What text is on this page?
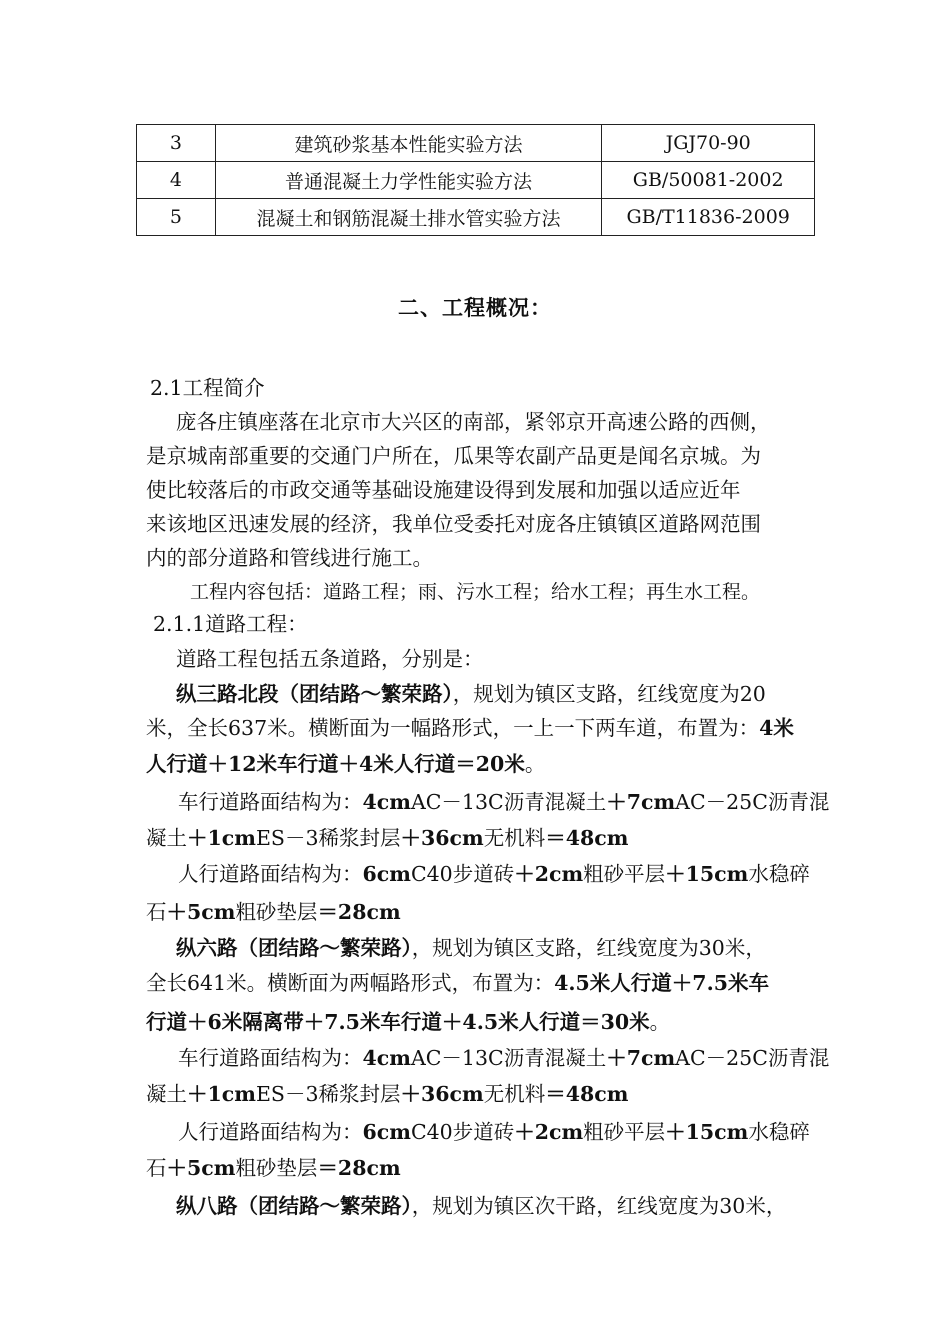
3	建筑砂浆基本性能实验方法	JGJ70-90
4	普通混凝土力学性能实验方法	GB/50081-2002
5	混凝土和钢筋混凝土排水管实验方法	GB/T11836-2009
二、工程概况：
2.1工程简介
庞各庄镇座落在北京市大兴区的南部，紧邻京开高速公路的西侧，
是京城南部重要的交通门户所在，瓜果等农副产品更是闻名京城。为
使比较落后的市政交通等基础设施建设得到发展和加强以适应近年
来该地区迅速发展的经济，我单位受委托对庞各庄镇镇区道路网范围
内的部分道路和管线进行施工。
工程内容包括：道路工程；雨、污水工程；给水工程；再生水工程。
2.1.1道路工程：
道路工程包括五条道路，分别是：
纵三路北段（团结路～繁荣路），规划为镇区支路，红线宽度为20
米，全长637米。横断面为一幅路形式，一上一下两车道，布置为：4米
人行道＋12米车行道＋4米人行道＝20米。
车行道路面结构为：4cmAC－13C沥青混凝土＋7cmAC－25C沥青混
凝土＋1cmES－3稀浆封层＋36cm无机料＝48cm
人行道路面结构为：6cmC40步道砖＋2cm粗砂平层＋15cm水稳碎
石＋5cm粗砂垫层＝28cm
纵六路（团结路～繁荣路），规划为镇区支路，红线宽度为30米，
全长641米。横断面为两幅路形式，布置为：4.5米人行道＋7.5米车
行道＋6米隔离带＋7.5米车行道＋4.5米人行道＝30米。
车行道路面结构为：4cmAC－13C沥青混凝土＋7cmAC－25C沥青混
凝土＋1cmES－3稀浆封层＋36cm无机料＝48cm
人行道路面结构为：6cmC40步道砖＋2cm粗砂平层＋15cm水稳碎
石＋5cm粗砂垫层＝28cm
纵八路（团结路～繁荣路），规划为镇区次干路，红线宽度为30米，
